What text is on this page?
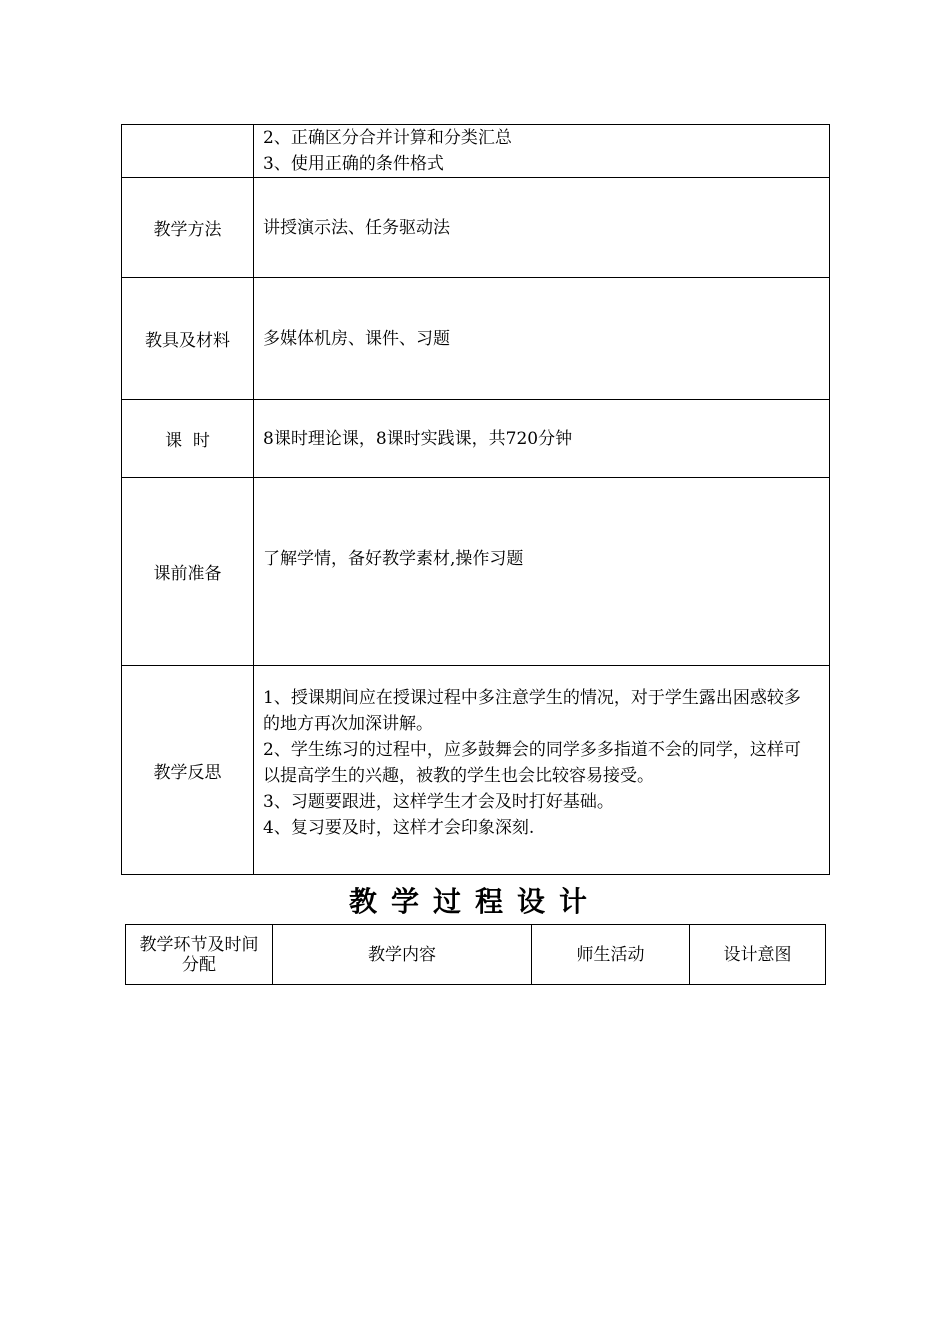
	2、正确区分合并计算和分类汇总
3、使用正确的条件格式

教学方法	讲授演示法、任务驱动法
教具及材料	多媒体机房、课件、习题
课  时	8课时理论课，8课时实践课，共720分钟
课前准备	了解学情，备好教学素材,操作习题
教学反思	1、授课期间应在授课过程中多注意学生的情况，对于学生露出困惑较多的地方再次加深讲解。
2、学生练习的过程中，应多鼓舞会的同学多多指道不会的同学，这样可以提高学生的兴趣，被教的学生也会比较容易接受。
3、习题要跟进，这样学生才会及时打好基础。
4、复习要及时，这样才会印象深刻.
教学过程设计
教学环节及时间分配	教学内容	师生活动	设计意图
